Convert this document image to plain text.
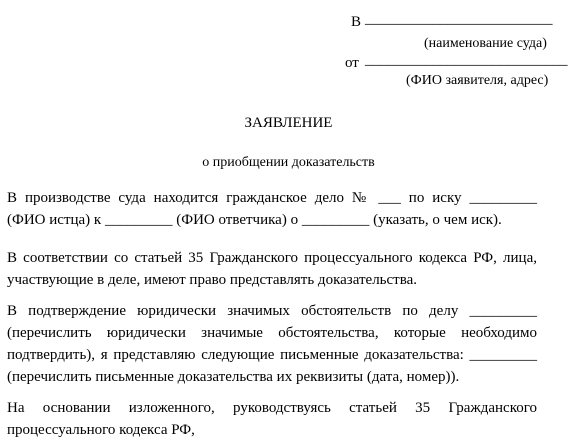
В _________________________
(наименование суда)
от ___________________________
(ФИО заявителя, адрес)
ЗАЯВЛЕНИЕ
о приобщении доказательств
В производстве суда находится гражданское дело № ___ по иску _________
(ФИО истца) к _________ (ФИО ответчика) о _________ (указать, о чем иск).
В соответствии со статьей 35 Гражданского процессуального кодекса РФ, лица,
участвующие в деле, имеют право представлять доказательства.
В подтверждение юридически значимых обстоятельств по делу _________
(перечислить юридически значимые обстоятельства, которые необходимо
подтвердить), я представляю следующие письменные доказательства: _________
(перечислить письменные доказательства их реквизиты (дата, номер)).
На основании изложенного, руководствуясь статьей 35 Гражданского
процессуального кодекса РФ,
